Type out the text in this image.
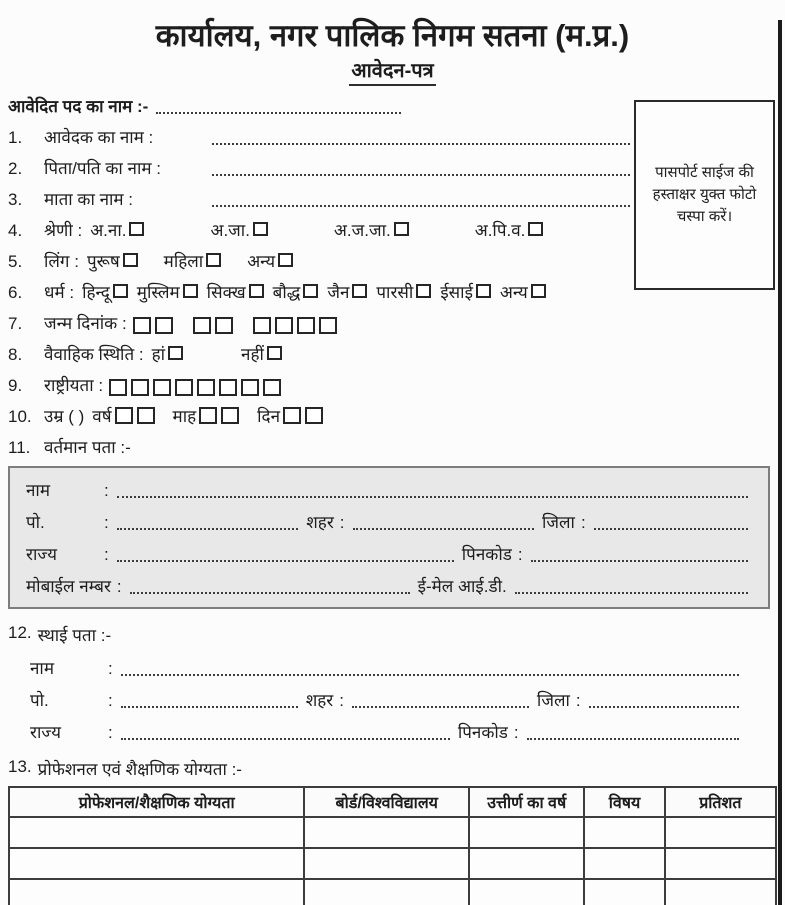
कार्यालय, नगर पालिक निगम सतना (म.प्र.)
आवेदन-पत्र
आवेदित पद का नाम :-
1.	आवेदक का नाम :
2.	पिता/पति का नाम :
3.	माता का नाम :
4.	श्रेणी : अ.ना.	अ.जा.	अ.ज.जा.	अ.पि.व.
5.	लिंग : पुरूष	महिला	अन्य
6.	धर्म : हिन्दू मुस्लिम सिक्ख बौद्ध जैन पारसी ईसाई अन्य
7.	जन्म दिनांक :
8.	वैवाहिक स्थिति : हां	नहीं
9.	राष्ट्रीयता :
10. उम्र ( ) वर्ष	माह	दिन
11. वर्तमान पता :-
नाम	:
पो.	:	शहर :	जिला :
राज्य	:	पिनकोड :
मोबाईल नम्बर :	ई-मेल आई.डी.
12. स्थाई पता :-
नाम	:
पो.	:	शहर :	जिला :
राज्य	:	पिनकोड :
13. प्रोफेशनल एवं शैक्षणिक योग्यता :-
प्रोफेशनल/शैक्षणिक योग्यता	बोर्ड/विश्वविद्यालय	उत्तीर्ण का वर्ष	विषय	प्रतिशत

पासपोर्ट साईज की हस्ताक्षर युक्त फोटो चस्पा करें।
